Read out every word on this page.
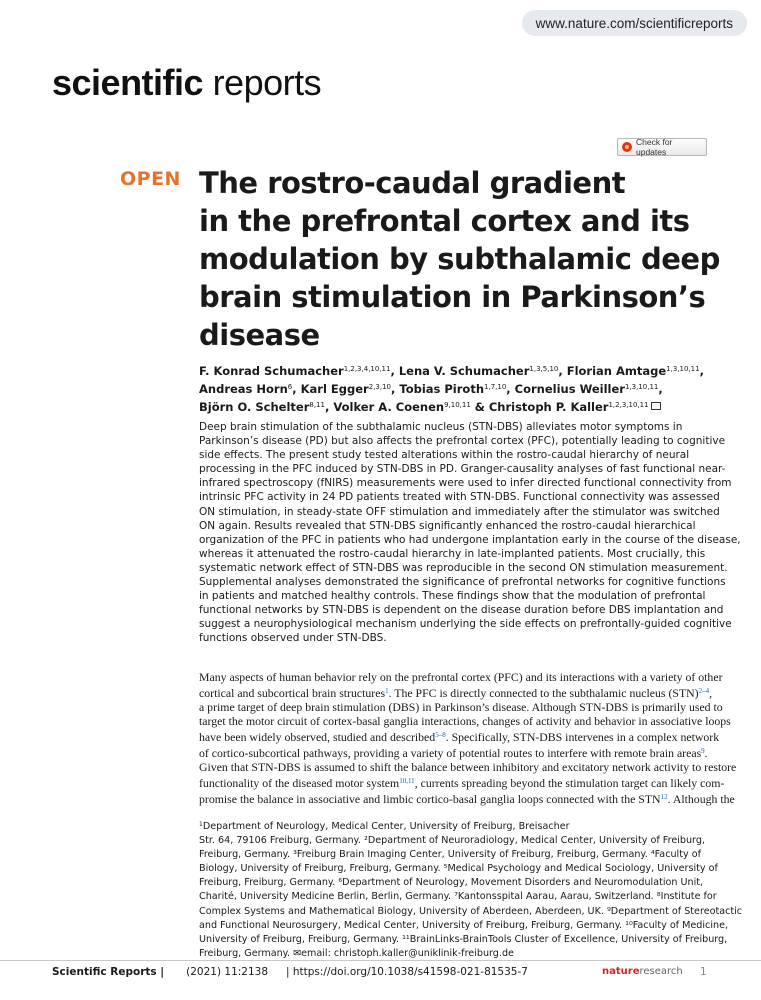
www.nature.com/scientificreports
scientific reports
Check for updates
OPEN The rostro-caudal gradient
in the prefrontal cortex and its
modulation by subthalamic deep
brain stimulation in Parkinson’s
disease
F. Konrad Schumacher$^{1,2,3,4,10,11}$, Lena V. Schumacher$^{1,3,5,10}$, Florian Amtage$^{1,3,10,11}$,
Andreas Horn$^6$, Karl Egger$^{2,3,10}$, Tobias Piroth$^{1,7,10}$, Cornelius Weiller$^{1,3,10,11}$,
Björn O. Schelter$^{8,11}$, Volker A. Coenen$^{9,10,11}$ & Christoph P. Kaller$^{1,2,3,10,11}$
Deep brain stimulation of the subthalamic nucleus (STN-DBS) alleviates motor symptoms in
Parkinson’s disease (PD) but also affects the prefrontal cortex (PFC), potentially leading to cognitive
side effects. The present study tested alterations within the rostro-caudal hierarchy of neural
processing in the PFC induced by STN-DBS in PD. Granger-causality analyses of fast functional near-
infrared spectroscopy (fNIRS) measurements were used to infer directed functional connectivity from
intrinsic PFC activity in 24 PD patients treated with STN-DBS. Functional connectivity was assessed
ON stimulation, in steady-state OFF stimulation and immediately after the stimulator was switched
ON again. Results revealed that STN-DBS significantly enhanced the rostro-caudal hierarchical
organization of the PFC in patients who had undergone implantation early in the course of the disease,
whereas it attenuated the rostro-caudal hierarchy in late-implanted patients. Most crucially, this
systematic network effect of STN-DBS was reproducible in the second ON stimulation measurement.
Supplemental analyses demonstrated the significance of prefrontal networks for cognitive functions
in patients and matched healthy controls. These findings show that the modulation of prefrontal
functional networks by STN-DBS is dependent on the disease duration before DBS implantation and
suggest a neurophysiological mechanism underlying the side effects on prefrontally-guided cognitive
functions observed under STN-DBS.
Many aspects of human behavior rely on the prefrontal cortex (PFC) and its interactions with a variety of other
cortical and subcortical brain structures$^1$. The PFC is directly connected to the subthalamic nucleus (STN)$^{2-4}$,
a prime target of deep brain stimulation (DBS) in Parkinson’s disease. Although STN-DBS is primarily used to
target the motor circuit of cortex-basal ganglia interactions, changes of activity and behavior in associative loops
have been widely observed, studied and described$^{5-8}$. Specifically, STN-DBS intervenes in a complex network
of cortico-subcortical pathways, providing a variety of potential routes to interfere with remote brain areas$^9$.
Given that STN-DBS is assumed to shift the balance between inhibitory and excitatory network activity to restore
functionality of the diseased motor system$^{10,11}$, currents spreading beyond the stimulation target can likely com-
promise the balance in associative and limbic cortico-basal ganglia loops connected with the STN$^{12}$. Although the
$^1$Department of Neurology, Medical Center, University of Freiburg, Breisacher
Str. 64, 79106 Freiburg, Germany. ²Department of Neuroradiology, Medical Center, University of Freiburg,
Freiburg, Germany. ³Freiburg Brain Imaging Center, University of Freiburg, Freiburg, Germany. ⁴Faculty of
Biology, University of Freiburg, Freiburg, Germany. ⁵Medical Psychology and Medical Sociology, University of
Freiburg, Freiburg, Germany. ⁶Department of Neurology, Movement Disorders and Neuromodulation Unit,
Charité, University Medicine Berlin, Berlin, Germany. ⁷Kantonsspital Aarau, Aarau, Switzerland. ⁸Institute for
Complex Systems and Mathematical Biology, University of Aberdeen, Aberdeen, UK. ⁹Department of Stereotactic
and Functional Neurosurgery, Medical Center, University of Freiburg, Freiburg, Germany. ¹⁰Faculty of Medicine,
University of Freiburg, Freiburg, Germany. ¹¹BrainLinks-BrainTools Cluster of Excellence, University of Freiburg,
Freiburg, Germany. ✉email: christoph.kaller@uniklinik-freiburg.de
Scientific Reports | (2021) 11:2138 | https://doi.org/10.1038/s41598-021-81535-7	natureresearch 1
